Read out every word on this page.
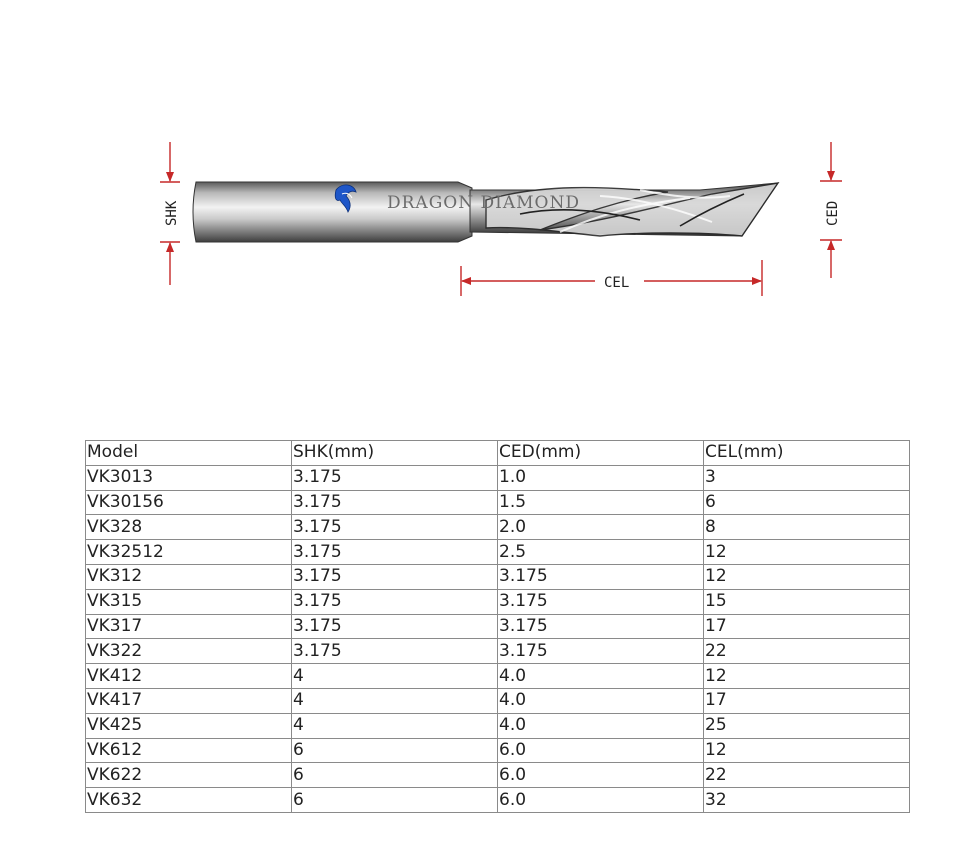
DRAGON DIAMOND
SHK	CED
CEL
Model	SHK(mm)	CED(mm)	CEL(mm)
VK3013	3.175	1.0	3
VK30156	3.175	1.5	6
VK328	3.175	2.0	8
VK32512	3.175	2.5	12
VK312	3.175	3.175	12
VK315	3.175	3.175	15
VK317	3.175	3.175	17
VK322	3.175	3.175	22
VK412	4	4.0	12
VK417	4	4.0	17
VK425	4	4.0	25
VK612	6	6.0	12
VK622	6	6.0	22
VK632	6	6.0	32
